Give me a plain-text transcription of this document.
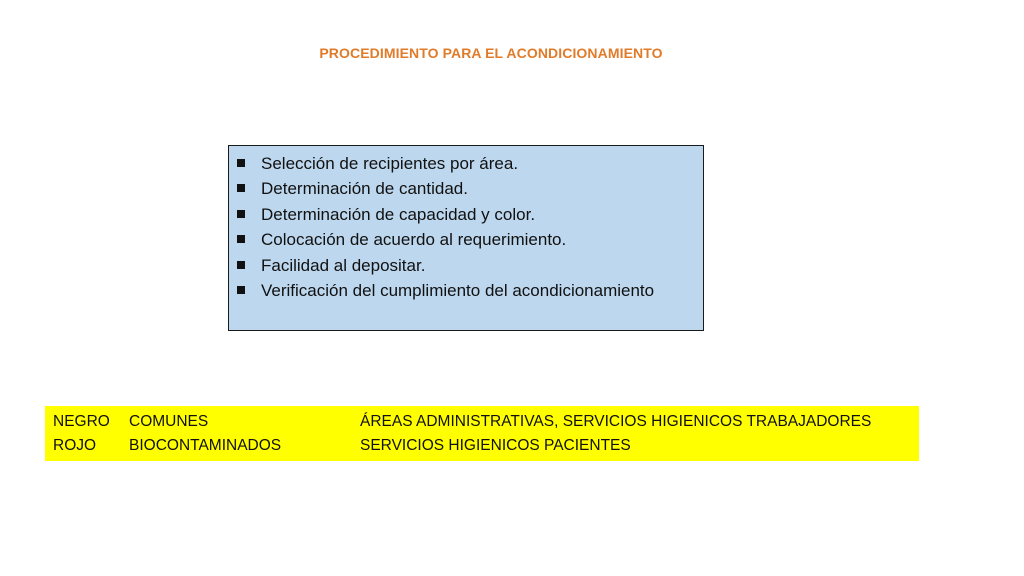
PROCEDIMIENTO PARA EL ACONDICIONAMIENTO
Selección de recipientes por área.
Determinación de cantidad.
Determinación de capacidad y color.
Colocación de acuerdo al requerimiento.
Facilidad al depositar.
Verificación del cumplimiento del acondicionamiento
NEGRO	COMUNES	ÁREAS ADMINISTRATIVAS, SERVICIOS HIGIENICOS TRABAJADORES
ROJO	BIOCONTAMINADOS	SERVICIOS HIGIENICOS PACIENTES
